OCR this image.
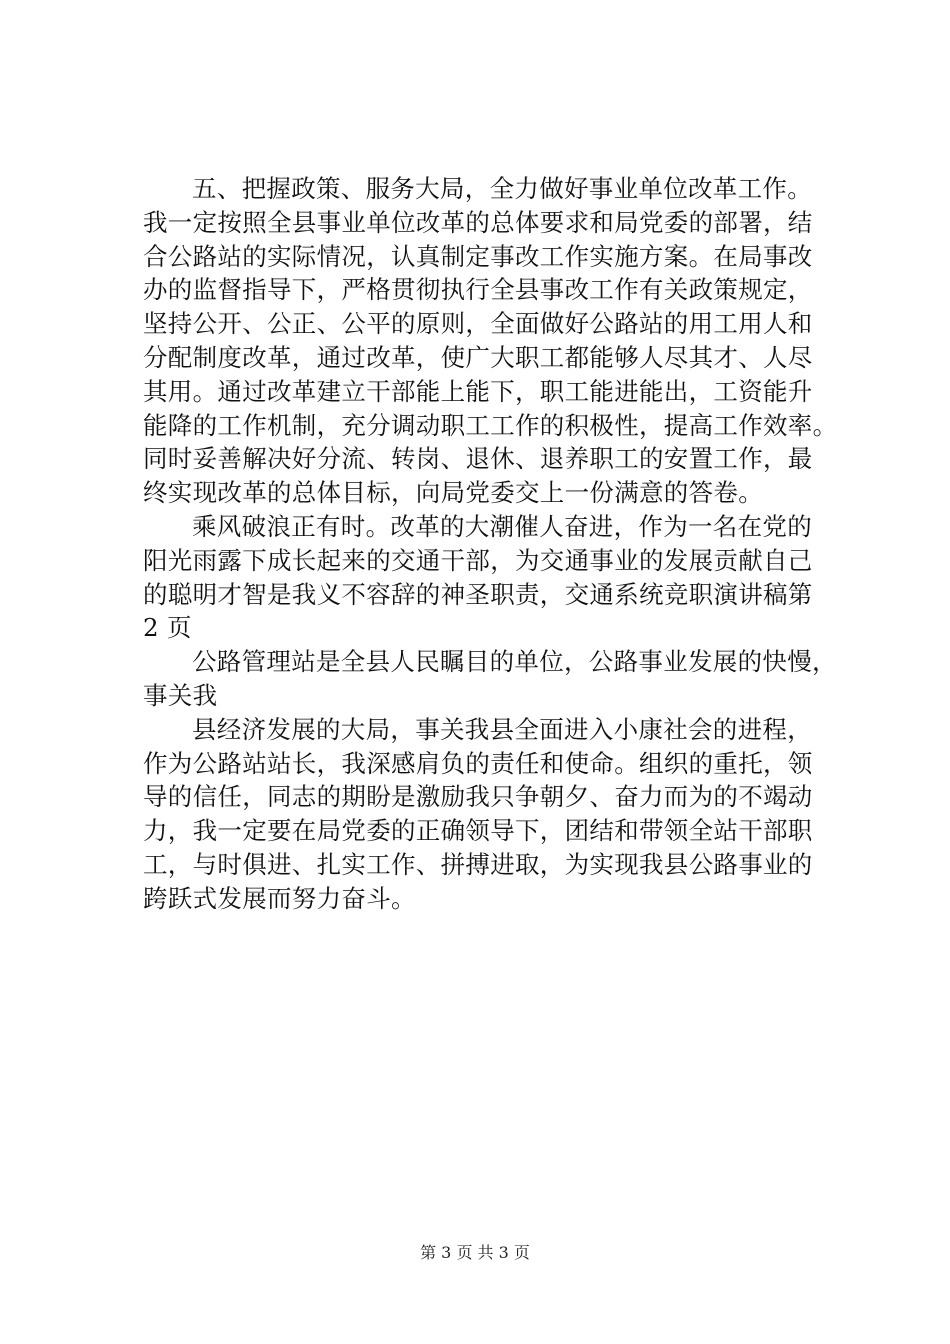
五、把握政策、服务大局，全力做好事业单位改革工作。
我一定按照全县事业单位改革的总体要求和局党委的部署，结
合公路站的实际情况，认真制定事改工作实施方案。在局事改
办的监督指导下，严格贯彻执行全县事改工作有关政策规定，
坚持公开、公正、公平的原则，全面做好公路站的用工用人和
分配制度改革，通过改革，使广大职工都能够人尽其才、人尽
其用。通过改革建立干部能上能下，职工能进能出，工资能升
能降的工作机制，充分调动职工工作的积极性，提高工作效率。
同时妥善解决好分流、转岗、退休、退养职工的安置工作，最
终实现改革的总体目标，向局党委交上一份满意的答卷。
乘风破浪正有时。改革的大潮催人奋进，作为一名在党的
阳光雨露下成长起来的交通干部，为交通事业的发展贡献自己
的聪明才智是我义不容辞的神圣职责，交通系统竞职演讲稿第
2 页
公路管理站是全县人民瞩目的单位，公路事业发展的快慢，
事关我
县经济发展的大局，事关我县全面进入小康社会的进程，
作为公路站站长，我深感肩负的责任和使命。组织的重托，领
导的信任，同志的期盼是激励我只争朝夕、奋力而为的不竭动
力，我一定要在局党委的正确领导下，团结和带领全站干部职
工，与时俱进、扎实工作、拼搏进取，为实现我县公路事业的
跨跃式发展而努力奋斗。
第 3 页 共 3 页
